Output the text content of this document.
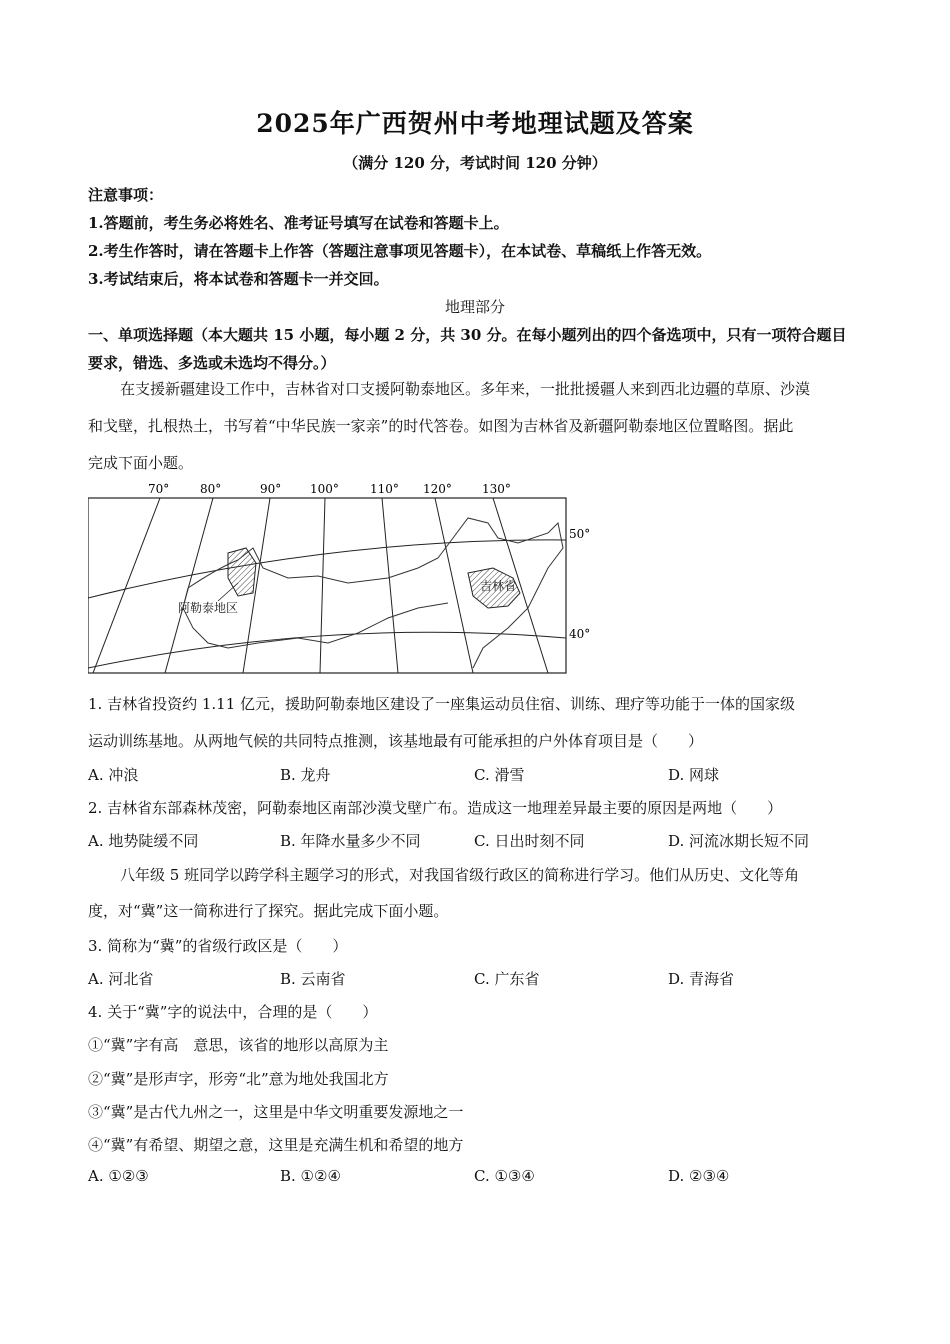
2025年广西贺州中考地理试题及答案
（满分 120 分，考试时间 120 分钟）
注意事项：
1.答题前，考生务必将姓名、准考证号填写在试卷和答题卡上。
2.考生作答时，请在答题卡上作答（答题注意事项见答题卡），在本试卷、草稿纸上作答无效。
3.考试结束后，将本试卷和答题卡一并交回。
地理部分
一、单项选择题（本大题共 15 小题，每小题 2 分，共 30 分。在每小题列出的四个备选项中，只有一项符合题目
要求，错选、多选或未选均不得分。）
在支援新疆建设工作中，吉林省对口支援阿勒泰地区。多年来，一批批援疆人来到西北边疆的草原、沙漠
和戈壁，扎根热土，书写着“中华民族一家亲”的时代答卷。如图为吉林省及新疆阿勒泰地区位置略图。据此
完成下面小题。
70°	80°	90° 100°	110° 120°	130°
阿勒泰地区
吉林省
50°
40°
1. 吉林省投资约 1.11 亿元，援助阿勒泰地区建设了一座集运动员住宿、训练、理疗等功能于一体的国家级
运动训练基地。从两地气候的共同特点推测，该基地最有可能承担的户外体育项目是（　　）
A. 冲浪	B. 龙舟	C. 滑雪	D. 网球
2. 吉林省东部森林茂密，阿勒泰地区南部沙漠戈壁广布。造成这一地理差异最主要的原因是两地（　　）
A. 地势陡缓不同	B. 年降水量多少不同	C. 日出时刻不同	D. 河流冰期长短不同
八年级 5 班同学以跨学科主题学习的形式，对我国省级行政区的简称进行学习。他们从历史、文化等角
度，对“冀”这一简称进行了探究。据此完成下面小题。
3. 简称为“冀”的省级行政区是（　　）
A. 河北省	B. 云南省	C. 广东省	D. 青海省
4. 关于“冀”字的说法中，合理的是（　　）
①“冀”字有高　意思，该省的地形以高原为主
②“冀”是形声字，形旁“北”意为地处我国北方
③“冀”是古代九州之一，这里是中华文明重要发源地之一
④“冀”有希望、期望之意，这里是充满生机和希望的地方
A. ①②③	B. ①②④	C. ①③④	D. ②③④
